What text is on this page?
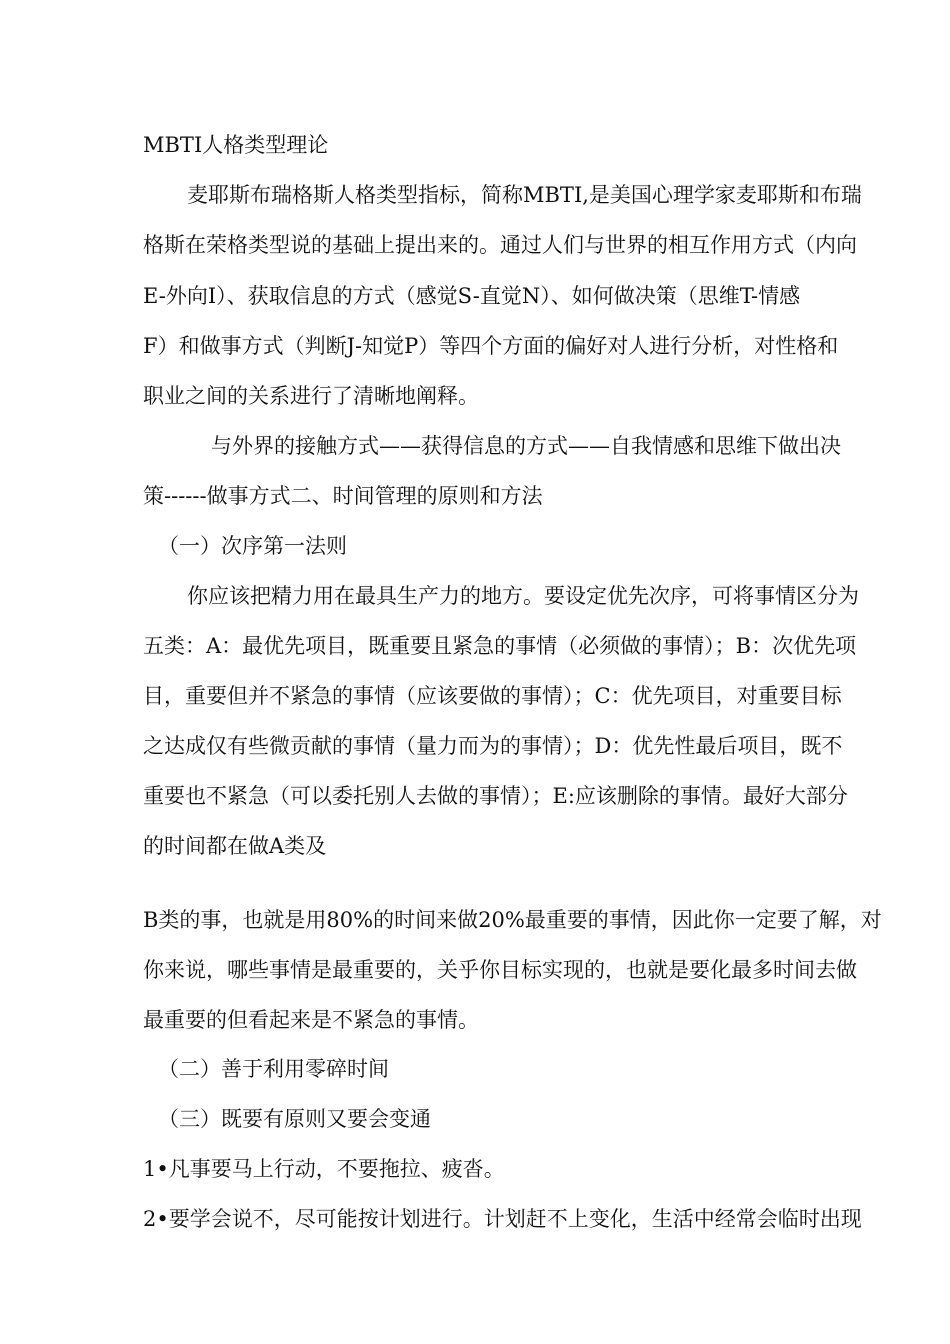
MBTI人格类型理论
麦耶斯布瑞格斯人格类型指标，简称MBTI,是美国心理学家麦耶斯和布瑞
格斯在荣格类型说的基础上提出来的。通过人们与世界的相互作用方式（内向
E-外向I）、获取信息的方式（感觉S-直觉N）、如何做决策（思维T-情感
F）和做事方式（判断J-知觉P）等四个方面的偏好对人进行分析，对性格和
职业之间的关系进行了清晰地阐释。
与外界的接触方式——获得信息的方式——自我情感和思维下做出决
策------做事方式二、时间管理的原则和方法
（一）次序第一法则
你应该把精力用在最具生产力的地方。要设定优先次序，可将事情区分为
五类：A：最优先项目，既重要且紧急的事情（必须做的事情）；B：次优先项
目，重要但并不紧急的事情（应该要做的事情）；C：优先项目，对重要目标
之达成仅有些微贡献的事情（量力而为的事情）；D：优先性最后项目，既不
重要也不紧急（可以委托别人去做的事情）；E:应该删除的事情。最好大部分
的时间都在做A类及
B类的事，也就是用80%的时间来做20%最重要的事情，因此你一定要了解，对
你来说，哪些事情是最重要的，关乎你目标实现的，也就是要化最多时间去做
最重要的但看起来是不紧急的事情。
（二）善于利用零碎时间
（三）既要有原则又要会变通
1•凡事要马上行动，不要拖拉、疲沓。
2•要学会说不，尽可能按计划进行。计划赶不上变化，生活中经常会临时出现
